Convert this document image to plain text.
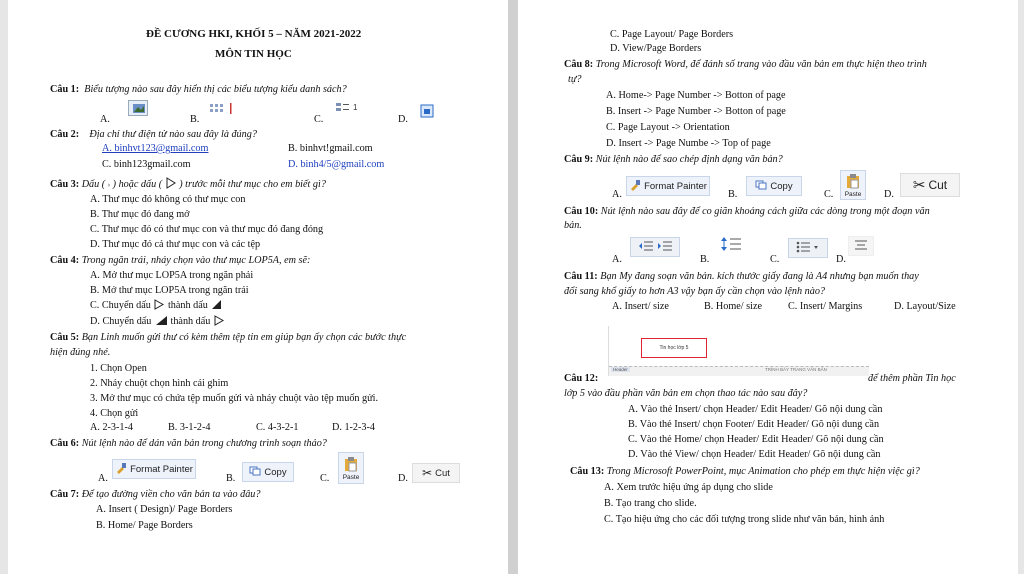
ĐỀ CƯƠNG HKI, KHỐI 5 – NĂM 2021-2022
MÔN TIN HỌC
Câu 1: Biểu tượng nào sau đây hiển thị các biểu tượng kiểu danh sách?
A.	B.	C.
1
D.
Câu 2: Địa chỉ thư điện tử nào sau đây là đúng?
A. binhvt123@gmail.com	B. binhvt!gmail.com
C. binh123gmail.com	D. binh4/5@gmail.com
Câu 3: Dấu ( › ) hoặc dấu ( ) trước mỗi thư mục cho em biết gì?
A. Thư mục đó không có thư mục con
B. Thư mục đó đang mở
C. Thư mục đó có thư mục con và thư mục đó đang đóng
D. Thư mục đó cả thư mục con và các tệp
Câu 4: Trong ngăn trái, nháy chọn vào thư mục LOP5A, em sẽ:
A. Mở thư mục LOP5A trong ngăn phải
B. Mở thư mục LOP5A trong ngăn trái
C. Chuyển dấu thành dấu
D. Chuyển dấu thành dấu
Câu 5: Bạn Linh muốn gửi thư có kèm thêm tệp tin em giúp bạn ấy chọn các bước thực
hiện đúng nhé.
1. Chọn Open
2. Nháy chuột chọn hình cái ghim
3. Mở thư mục có chứa tệp muốn gửi và nháy chuột vào tệp muốn gửi.
4. Chọn gửi
A. 2-3-1-4	B. 3-1-2-4	C. 4-3-2-1	D. 1-2-3-4
Câu 6: Nút lệnh nào để dán văn bản trong chương trình soạn thảo?
A.
Format Painter
B.
Copy
C. Paste	D. ✂ Cut
Câu 7: Để tạo đường viền cho văn bản ta vào đâu?
A. Insert ( Design)/ Page Borders
B. Home/ Page Borders
C. Page Layout/ Page Borders
D. View/Page Borders
Câu 8: Trong Microsoft Word, để đánh số trang vào đầu văn bản em thực hiện theo trình
tự?
A. Home-> Page Number -> Botton of page
B. Insert -> Page Number -> Botton of page
C. Page Layout -> Orientation
D. Insert -> Page Numbe -> Top of page
Câu 9: Nút lệnh nào để sao chép định dạng văn bản?
A.
Format Painter
B.
Copy
C. Paste D.
✂ Cut
Câu 10: Nút lệnh nào sau đây để co giãn khoảng cách giữa các dòng trong một đoạn văn
bản.
A.	B.	C.	D.
Câu 11: Bạn My đang soạn văn bản. kích thước giấy đang là A4 nhưng bạn muốn thay
đổi sang khổ giấy to hơn A3 vậy bạn ấy cần chọn vào lệnh nào?
A. Insert/ size	B. Home/ size	C. Insert/ Margins	D. Layout/Size
Tin học lớp 5
Header	TRÌNH BÀY TRANG VĂN BẢN
Câu 12:	để thêm phần Tin học
lớp 5 vào đầu phần văn bản em chọn thao tác nào sau đây?
A. Vào thẻ Insert/ chọn Header/ Edit Header/ Gõ nội dung cần
B. Vào thẻ Insert/ chọn Footer/ Edit Header/ Gõ nội dung cần
C. Vào thẻ Home/ chọn Header/ Edit Header/ Gõ nội dung cần
D. Vào thẻ View/ chọn Header/ Edit Header/ Gõ nội dung cần
Câu 13: Trong Microsoft PowerPoint, mục Animation cho phép em thực hiện việc gì?
A. Xem trước hiệu ứng áp dụng cho slide
B. Tạo trang cho slide.
C. Tạo hiệu ứng cho các đối tượng trong slide như văn bản, hình ảnh
